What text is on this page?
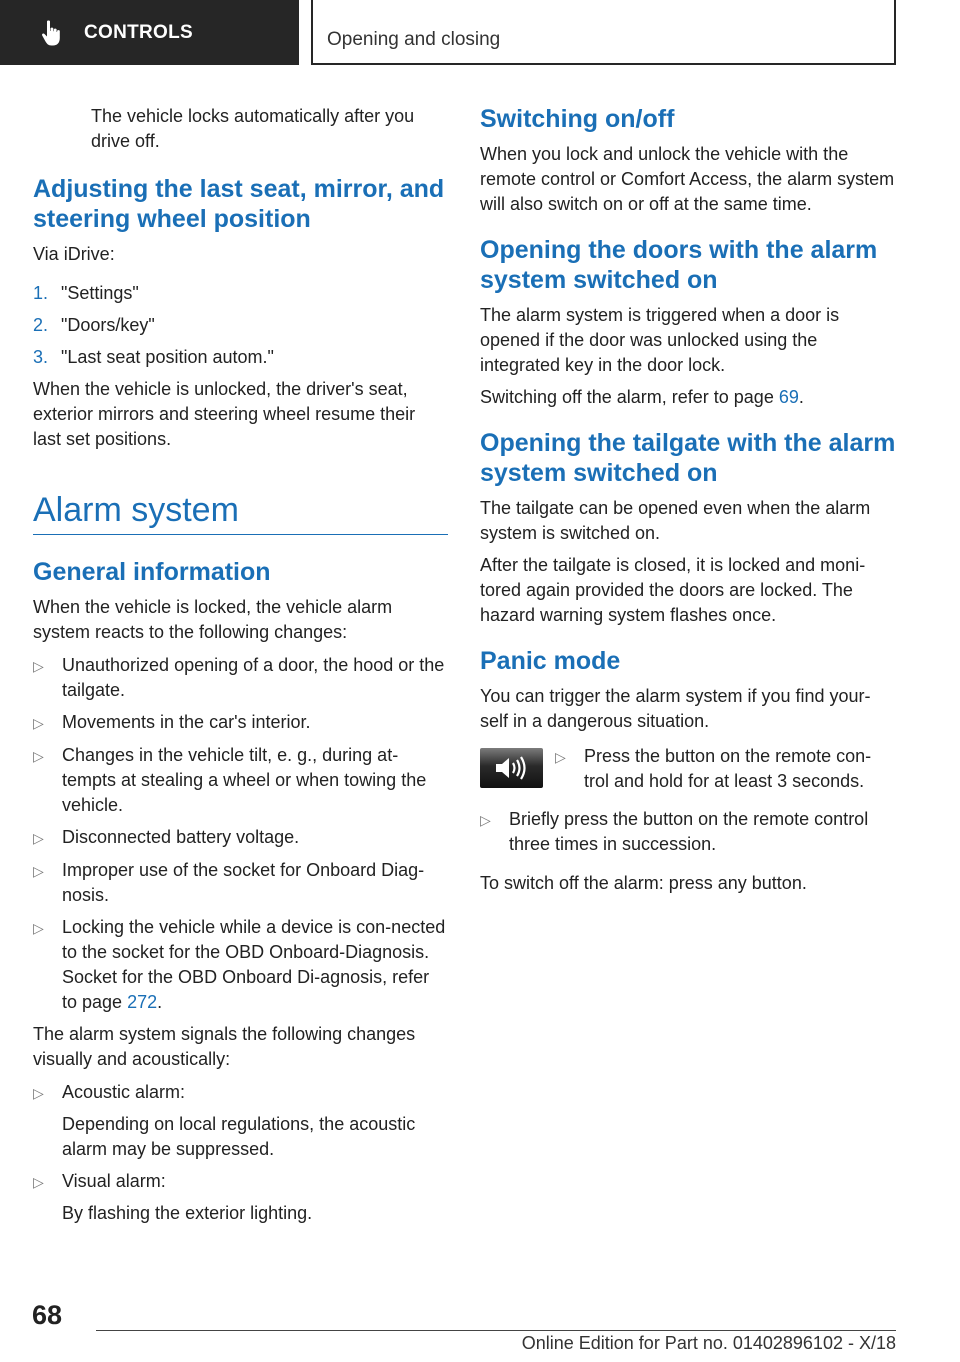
CONTROLS	Opening and closing

The vehicle locks automatically after you drive off.

Adjusting the last seat, mirror, and steering wheel position

Via iDrive:

1. "Settings"
2. "Doors/key"
3. "Last seat position autom."

When the vehicle is unlocked, the driver's seat, exterior mirrors and steering wheel resume their last set positions.

Alarm system
General information

When the vehicle is locked, the vehicle alarm system reacts to the following changes:

▷	Unauthorized opening of a door, the hood or the tailgate.
▷	Movements in the car's interior.
▷	Changes in the vehicle tilt, e. g., during at-tempts at stealing a wheel or when towing the vehicle.
▷	Disconnected battery voltage.
▷	Improper use of the socket for Onboard Diag-nosis.
▷	Locking the vehicle while a device is con-nected to the socket for the OBD Onboard-Diagnosis. Socket for the OBD Onboard Di-agnosis, refer to page 272.

The alarm system signals the following changes visually and acoustically:

▷	Acoustic alarm:
Depending on local regulations, the acoustic alarm may be suppressed.
▷	Visual alarm:
By flashing the exterior lighting.
Switching on/off

When you lock and unlock the vehicle with the remote control or Comfort Access, the alarm system will also switch on or off at the same time.

Opening the doors with the alarm system switched on

The alarm system is triggered when a door is opened if the door was unlocked using the integrated key in the door lock.

Switching off the alarm, refer to page 69.

Opening the tailgate with the alarm system switched on

The tailgate can be opened even when the alarm system is switched on.

After the tailgate is closed, it is locked and moni-tored again provided the doors are locked. The hazard warning system flashes once.

Panic mode

You can trigger the alarm system if you find your-self in a dangerous situation.

▷	Press the button on the remote con-trol and hold for at least 3 seconds.
▷	Briefly press the button on the remote control three times in succession.

To switch off the alarm: press any button.

68
Online Edition for Part no. 01402896102 - X/18
